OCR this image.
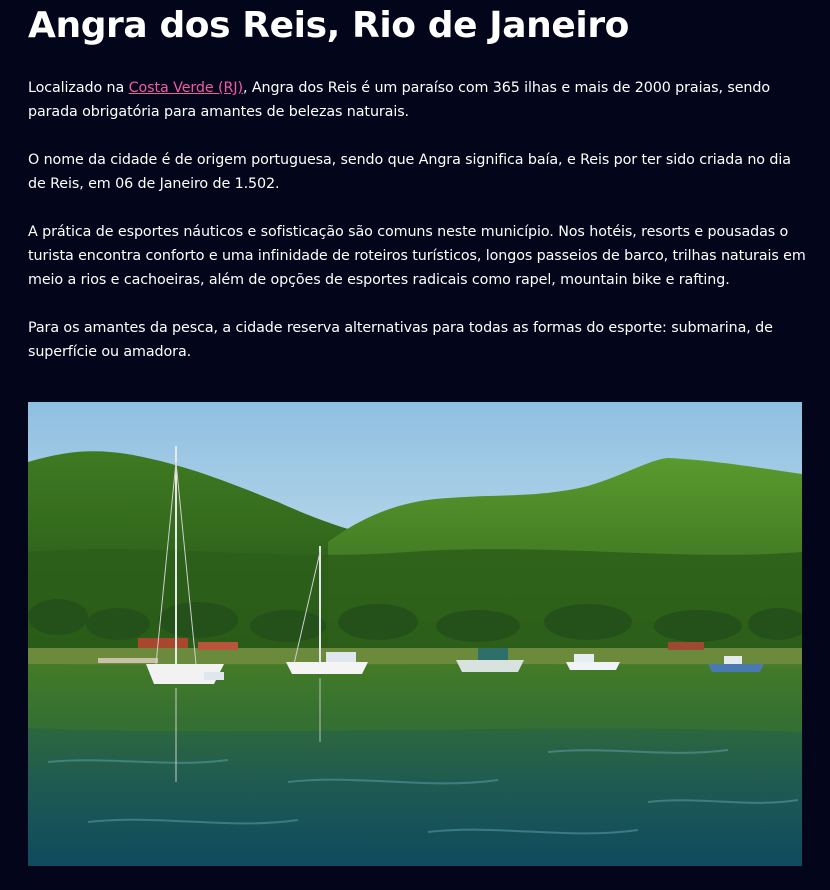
Angra dos Reis, Rio de Janeiro

Localizado na Costa Verde (RJ), Angra dos Reis é um paraíso com 365 ilhas e mais de 2000 praias, sendo parada obrigatória para amantes de belezas naturais.

O nome da cidade é de origem portuguesa, sendo que Angra significa baía, e Reis por ter sido criada no dia de Reis, em 06 de Janeiro de 1.502.

A prática de esportes náuticos e sofisticação são comuns neste município. Nos hotéis, resorts e pousadas o turista encontra conforto e uma infinidade de roteiros turísticos, longos passeios de barco, trilhas naturais em meio a rios e cachoeiras, além de opções de esportes radicais como rapel, mountain bike e rafting.

Para os amantes da pesca, a cidade reserva alternativas para todas as formas do esporte: submarina, de superfície ou amadora.
